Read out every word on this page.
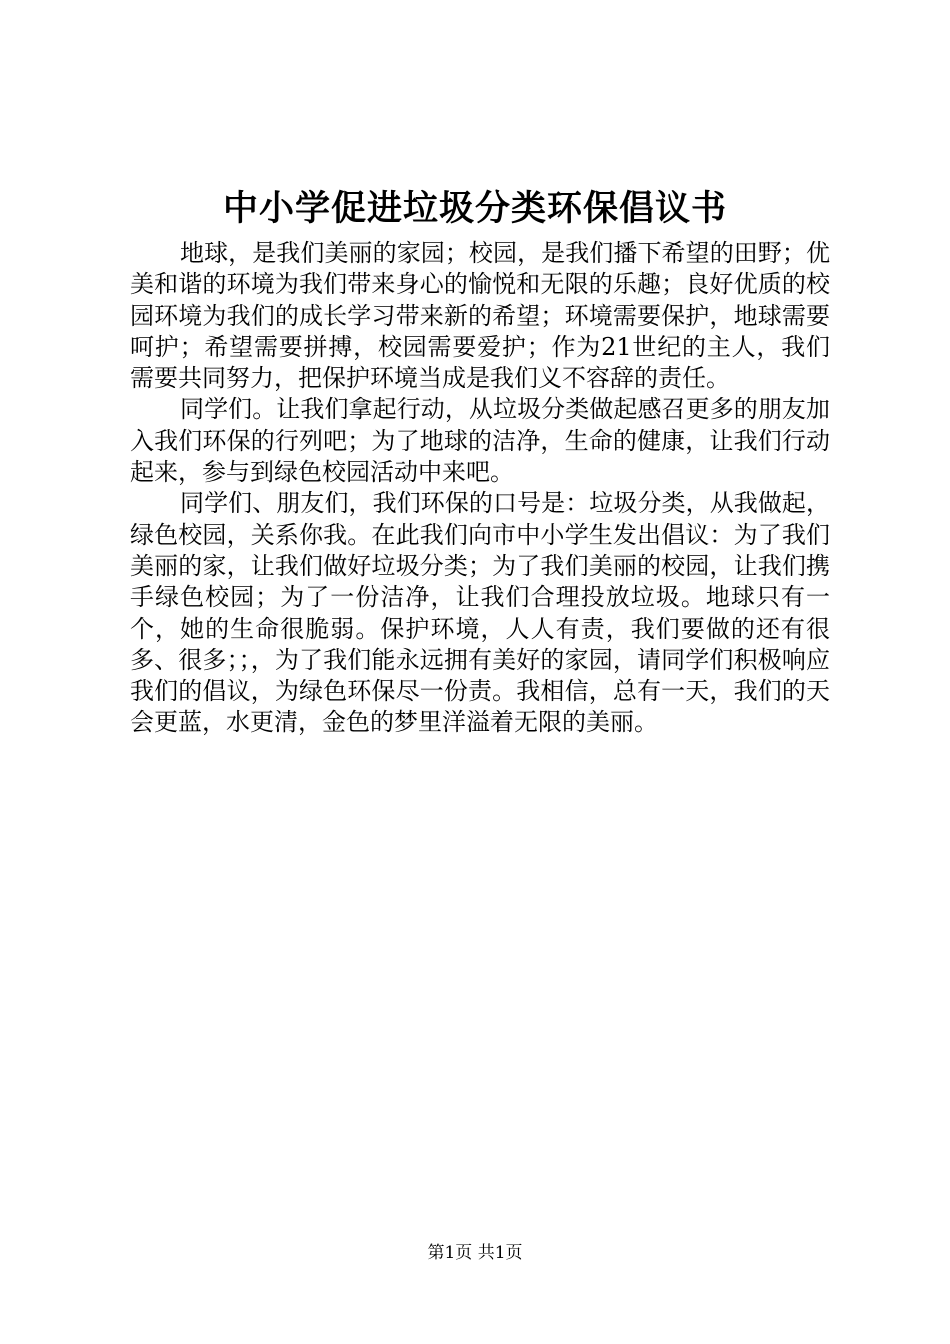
中小学促进垃圾分类环保倡议书

地球，是我们美丽的家园；校园，是我们播下希望的田野；优美和谐的环境为我们带来身心的愉悦和无限的乐趣；良好优质的校园环境为我们的成长学习带来新的希望；环境需要保护，地球需要呵护；希望需要拼搏，校园需要爱护；作为21世纪的主人，我们需要共同努力，把保护环境当成是我们义不容辞的责任。

同学们。让我们拿起行动，从垃圾分类做起感召更多的朋友加入我们环保的行列吧；为了地球的洁净，生命的健康，让我们行动起来，参与到绿色校园活动中来吧。

同学们、朋友们，我们环保的口号是：垃圾分类，从我做起，绿色校园，关系你我。在此我们向市中小学生发出倡议：为了我们美丽的家，让我们做好垃圾分类；为了我们美丽的校园，让我们携手绿色校园；为了一份洁净，让我们合理投放垃圾。地球只有一个，她的生命很脆弱。保护环境，人人有责，我们要做的还有很多、很多；；，为了我们能永远拥有美好的家园，请同学们积极响应我们的倡议，为绿色环保尽一份责。我相信，总有一天，我们的天会更蓝，水更清，金色的梦里洋溢着无限的美丽。

第1页 共1页
